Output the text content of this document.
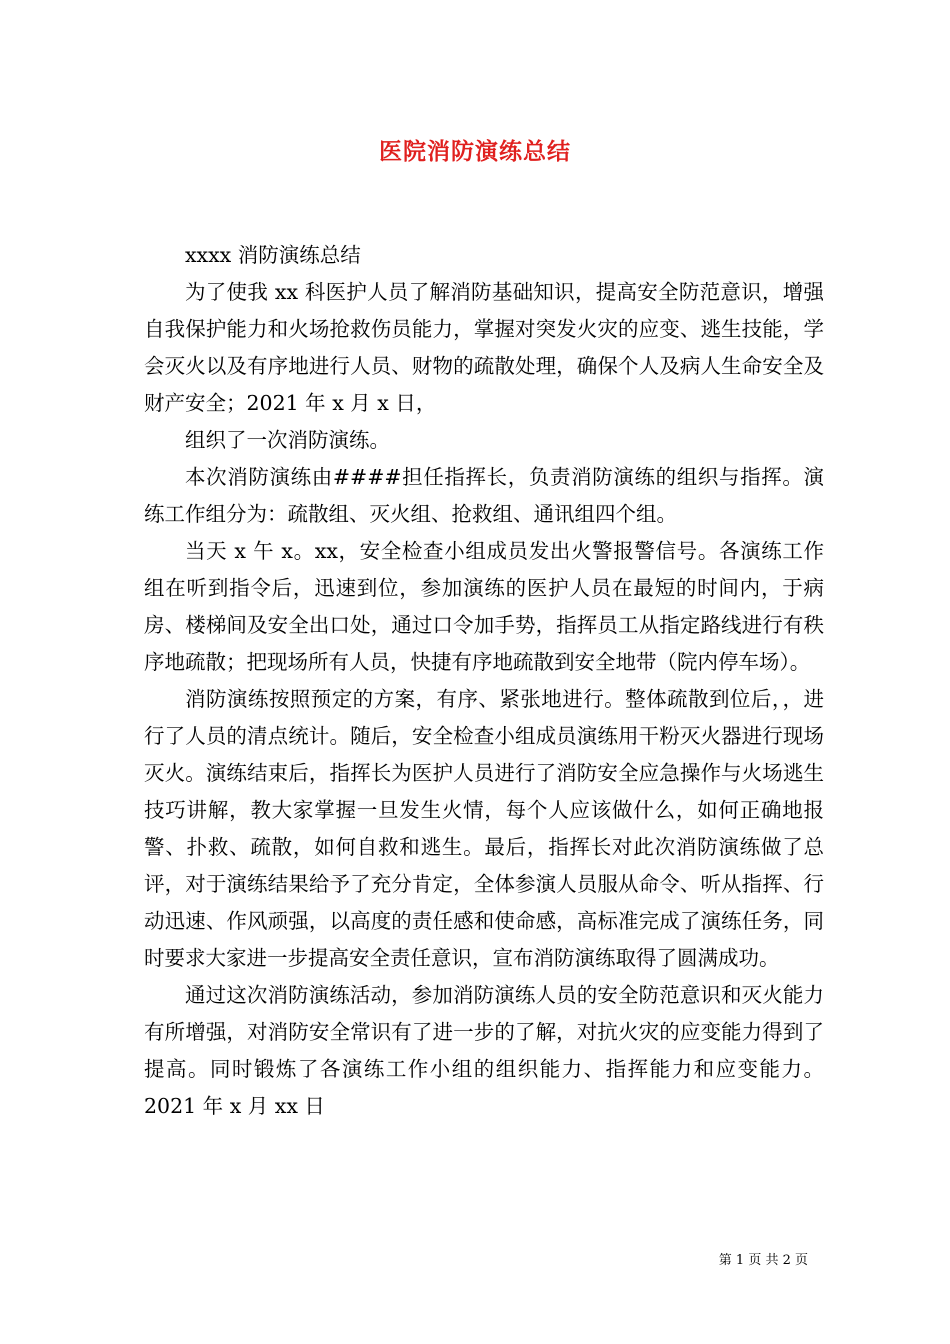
医院消防演练总结

xxxx 消防演练总结

为了使我 xx 科医护人员了解消防基础知识，提高安全防范意识，增强自我保护能力和火场抢救伤员能力，掌握对突发火灾的应变、逃生技能，学会灭火以及有序地进行人员、财物的疏散处理，确保个人及病人生命安全及财产安全；2021 年 x 月 x 日，

组织了一次消防演练。

本次消防演练由####担任指挥长，负责消防演练的组织与指挥。演练工作组分为：疏散组、灭火组、抢救组、通讯组四个组。

当天 x 午 x。xx，安全检查小组成员发出火警报警信号。各演练工作组在听到指令后，迅速到位，参加演练的医护人员在最短的时间内，于病房、楼梯间及安全出口处，通过口令加手势，指挥员工从指定路线进行有秩序地疏散；把现场所有人员，快捷有序地疏散到安全地带（院内停车场）。

消防演练按照预定的方案，有序、紧张地进行。整体疏散到位后，，进行了人员的清点统计。随后，安全检查小组成员演练用干粉灭火器进行现场灭火。演练结束后，指挥长为医护人员进行了消防安全应急操作与火场逃生技巧讲解，教大家掌握一旦发生火情，每个人应该做什么，如何正确地报警、扑救、疏散，如何自救和逃生。最后，指挥长对此次消防演练做了总评，对于演练结果给予了充分肯定，全体参演人员服从命令、听从指挥、行动迅速、作风顽强，以高度的责任感和使命感，高标准完成了演练任务，同时要求大家进一步提高安全责任意识，宣布消防演练取得了圆满成功。

通过这次消防演练活动，参加消防演练人员的安全防范意识和灭火能力有所增强，对消防安全常识有了进一步的了解，对抗火灾的应变能力得到了提高。同时锻炼了各演练工作小组的组织能力、指挥能力和应变能力。2021 年 x 月 xx 日

第 1 页 共 2 页
